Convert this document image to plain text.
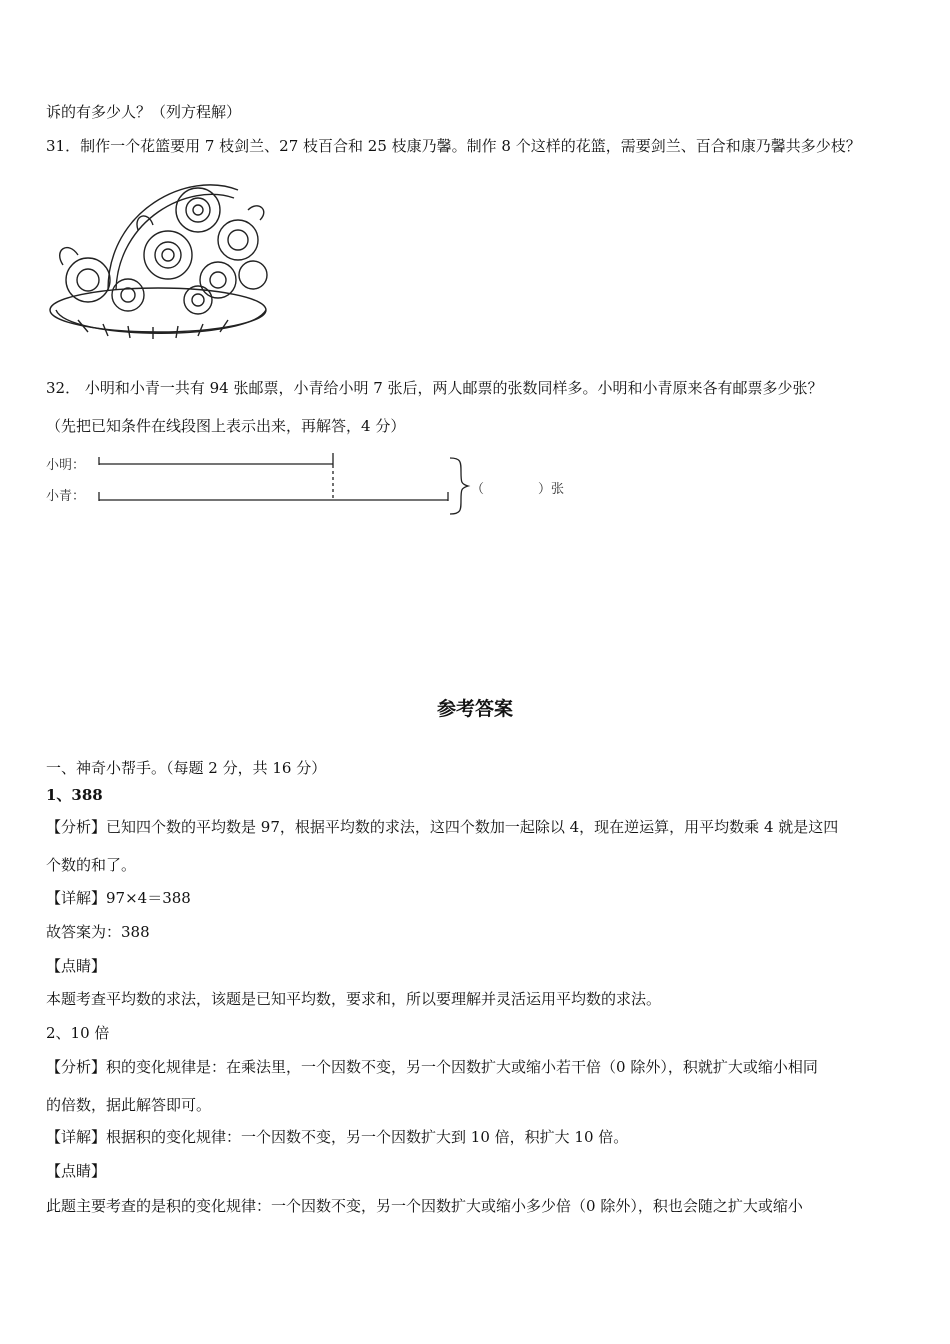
诉的有多少人？（列方程解）
31．制作一个花篮要用 7 枝剑兰、27 枝百合和 25 枝康乃馨。制作 8 个这样的花篮，需要剑兰、百合和康乃馨共多少枝？
32． 小明和小青一共有 94 张邮票，小青给小明 7 张后，两人邮票的张数同样多。小明和小青原来各有邮票多少张？
（先把已知条件在线段图上表示出来，再解答，4 分）
小明：
小青：	（	）张
参考答案
一、神奇小帮手。（每题 2 分，共 16 分）
1、388
【分析】已知四个数的平均数是 97，根据平均数的求法，这四个数加一起除以 4，现在逆运算，用平均数乘 4 就是这四
个数的和了。
【详解】97×4＝388
故答案为：388
【点睛】
本题考查平均数的求法，该题是已知平均数，要求和，所以要理解并灵活运用平均数的求法。
2、10 倍
【分析】积的变化规律是：在乘法里，一个因数不变，另一个因数扩大或缩小若干倍（0 除外），积就扩大或缩小相同
的倍数，据此解答即可。
【详解】根据积的变化规律：一个因数不变，另一个因数扩大到 10 倍，积扩大 10 倍。
【点睛】
此题主要考查的是积的变化规律：一个因数不变，另一个因数扩大或缩小多少倍（0 除外），积也会随之扩大或缩小
